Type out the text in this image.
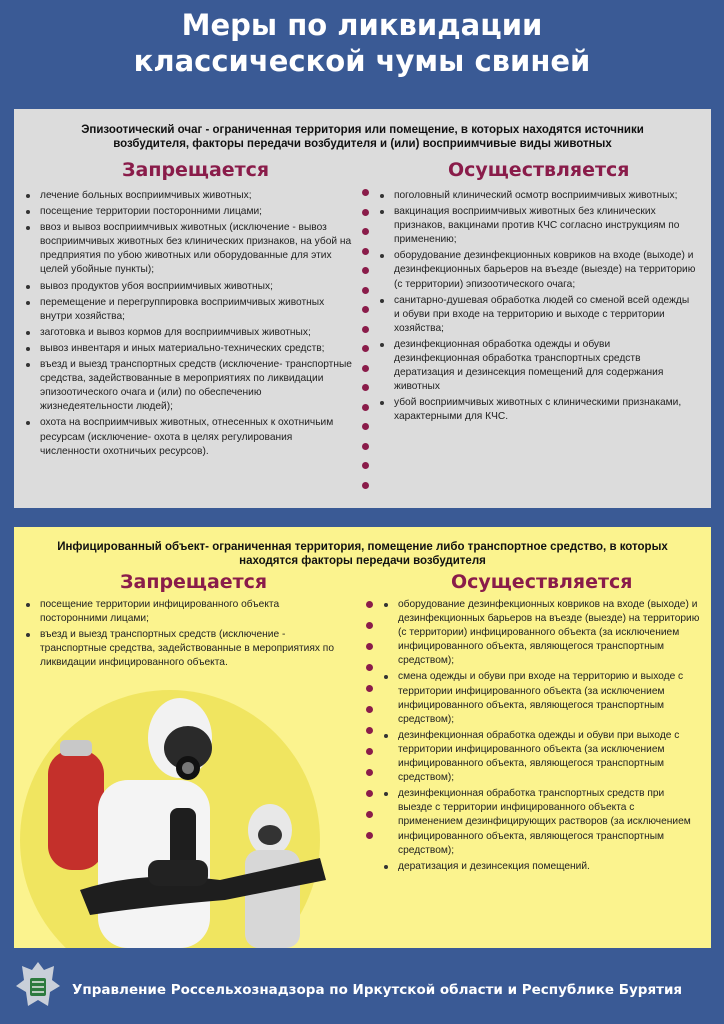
Меры по ликвидации
классической чумы свиней
Эпизоотический очаг - ограниченная территория или помещение, в которых находятся источники возбудителя, факторы передачи возбудителя и (или) восприимчивые виды животных
Запрещается	Осуществляется
лечение больных восприимчивых животных;
посещение территории посторонними лицами;
ввоз и вывоз восприимчивых животных (исключение - вывоз восприимчивых животных без клинических признаков, на убой на предприятия по убою животных или оборудованные для этих целей убойные пункты);
вывоз продуктов убоя восприимчивых животных;
перемещение и перегруппировка восприимчивых животных внутри хозяйства;
заготовка и вывоз кормов для восприимчивых животных;
вывоз инвентаря и иных материально-технических средств;
въезд и выезд транспортных средств (исключение- транспортные средства, задействованные в мероприятиях по ликвидации эпизоотического очага и (или) по обеспечению жизнедеятельности людей);
охота на восприимчивых животных, отнесенных к охотничьим ресурсам (исключение- охота в целях регулирования численности охотничьих ресурсов).
поголовный клинический осмотр восприимчивых животных;
вакцинация восприимчивых животных без клинических признаков, вакцинами против КЧС согласно инструкциям по применению;
оборудование дезинфекционных ковриков на входе (выходе) и дезинфекционных барьеров на въезде (выезде) на территорию (с территории) эпизоотического очага;
санитарно-душевая обработка людей со сменой всей одежды и обуви при входе на территорию и выходе с территории хозяйства;
дезинфекционная обработка одежды и обуви дезинфекционная обработка транспортных средств дератизация и дезинсекция помещений для содержания животных
убой восприимчивых животных с клиническими признаками, характерными для КЧС.
Инфицированный объект- ограниченная территория, помещение либо транспортное средство, в которых находятся факторы передачи возбудителя
Запрещается	Осуществляется
посещение территории инфицированного объекта посторонними лицами;
въезд и выезд транспортных средств (исключение - транспортные средства, задействованные в мероприятиях по ликвидации инфицированного объекта.
оборудование дезинфекционных ковриков на входе (выходе) и дезинфекционных барьеров на въезде (выезде) на территорию (с территории) инфицированного объекта (за исключением инфицированного объекта, являющегося транспортным средством);
смена одежды и обуви при входе на территорию и выходе с территории инфицированного объекта (за исключением инфицированного объекта, являющегося транспортным средством);
дезинфекционная обработка одежды и обуви при выходе с территории инфицированного объекта (за исключением инфицированного объекта, являющегося транспортным средством);
дезинфекционная обработка транспортных средств при выезде с территории инфицированного объекта с применением дезинфицирующих растворов (за исключением инфицированного объекта, являющегося транспортным средством);
дератизация и дезинсекция помещений.
Управление Россельхознадзора по Иркутской области и Республике Бурятия
